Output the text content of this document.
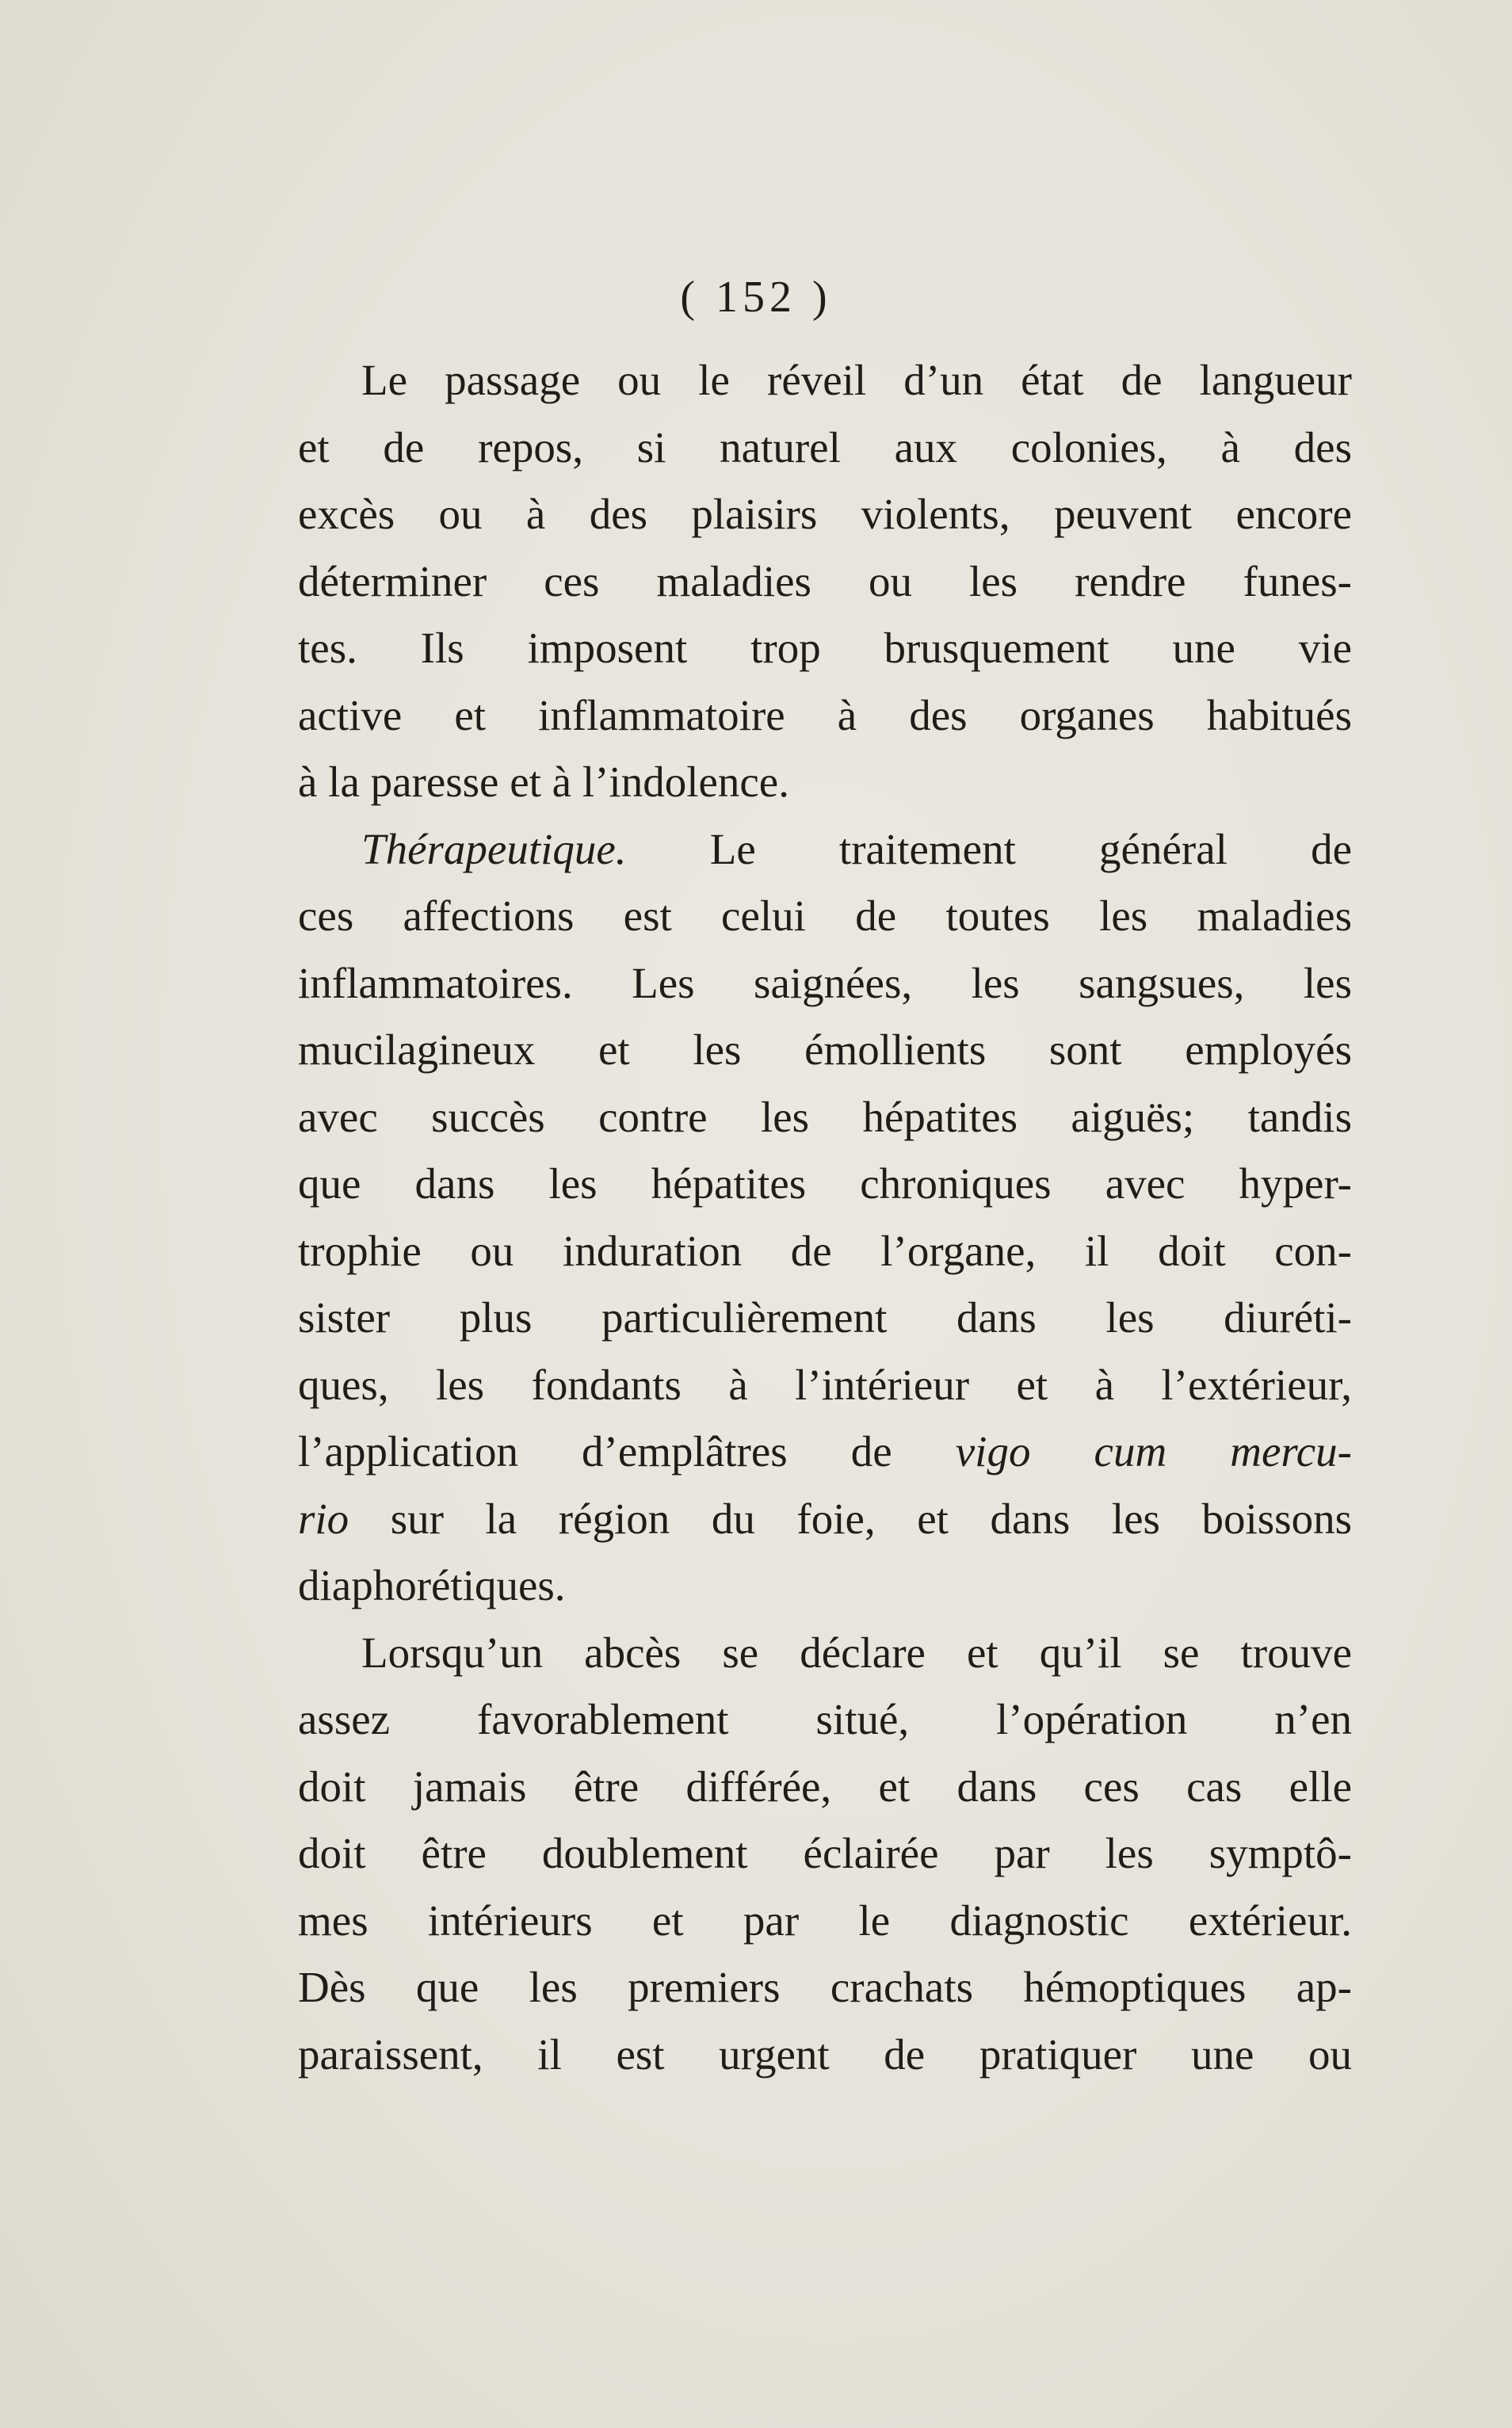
( 152 )
Le passage ou le réveil d’un état de langueur
et de repos, si naturel aux colonies, à des
excès ou à des plaisirs violents, peuvent encore
déterminer ces maladies ou les rendre funes-
tes. Ils imposent trop brusquement une vie
active et inflammatoire à des organes habitués
à la paresse et à l’indolence.
Thérapeutique. Le traitement général de
ces affections est celui de toutes les maladies
inflammatoires. Les saignées, les sangsues, les
mucilagineux et les émollients sont employés
avec succès contre les hépatites aiguës; tandis
que dans les hépatites chroniques avec hyper-
trophie ou induration de l’organe, il doit con-
sister plus particulièrement dans les diuréti-
ques, les fondants à l’intérieur et à l’extérieur,
l’application d’emplâtres de vigo cum mercu-
rio sur la région du foie, et dans les boissons
diaphorétiques.
Lorsqu’un abcès se déclare et qu’il se trouve
assez favorablement situé, l’opération n’en
doit jamais être différée, et dans ces cas elle
doit être doublement éclairée par les symptô-
mes intérieurs et par le diagnostic extérieur.
Dès que les premiers crachats hémoptiques ap-
paraissent, il est urgent de pratiquer une ou
